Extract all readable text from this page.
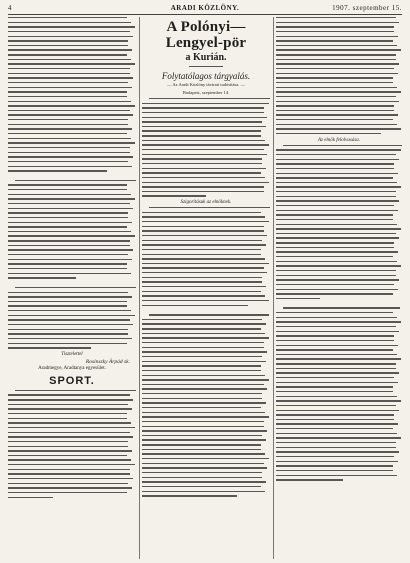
4	ARADI KÖZLÖNY.	1907. szeptember 15.
Tisztelettel
Rosinszky Árpád sk.
Aradmegye, Aradtanya egyesület.
SPORT.
A Polónyi—Lengyel-pör
a Kurián.
Folytatólagos tárgyalás.
— Az Aradi Közlöny távirati tudósítása. —
Budapest, szeptember 14.
Szigorításuk az elnöknek.
Az elnök felolvasása.
